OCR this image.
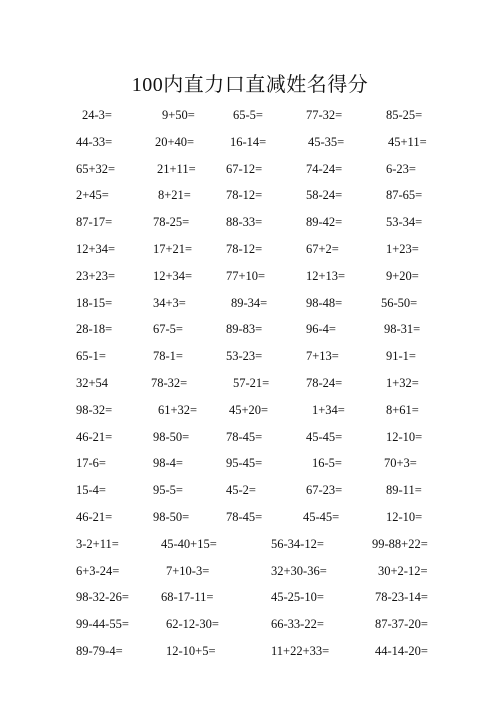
100内直力口直减姓名得分
24-3=	9+50=	65-5=	77-32=	85-25=
44-33=	20+40=	16-14=	45-35=	45+11=
65+32=	21+11= 67-12=	74-24=	6-23=
2+45=	8+21=	78-12=	58-24=	87-65=
87-17=	78-25=	88-33=	89-42=	53-34=
12+34=	17+21=	78-12=	67+2=	1+23=
23+23=	12+34=	77+10=	12+13=	9+20=
18-15=	34+3=	89-34=	98-48=	56-50=
28-18=	67-5=	89-83=	96-4=	98-31=
65-1=	78-1=	53-23=	7+13=	91-1=
32+54	78-32=	57-21=	78-24=	1+32=
98-32=	61+32=	45+20=	1+34=	8+61=
46-21=	98-50=	78-45=	45-45=	12-10=
17-6=	98-4=	95-45=	16-5=	70+3=
15-4=	95-5=	45-2=	67-23=	89-11=
46-21=	98-50=	78-45=	45-45=	12-10=
3-2+11=	45-40+15=	56-34-12=	99-88+22=
6+3-24=	7+10-3=	32+30-36=	30+2-12=
98-32-26=	68-17-11=	45-25-10=	78-23-14=
99-44-55=	62-12-30=	66-33-22=	87-37-20=
89-79-4=	12-10+5=	11+22+33=	44-14-20=
